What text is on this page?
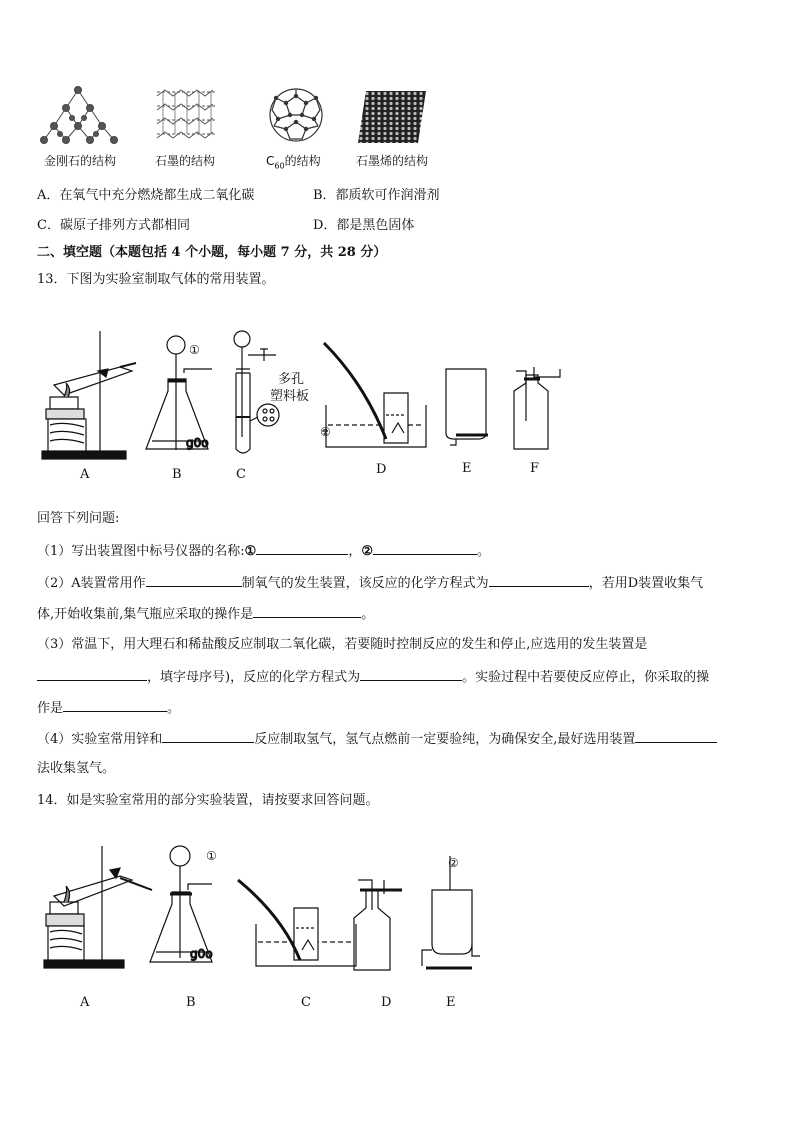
金刚石的结构	石墨的结构	$C_{60}$的结构	石墨烯的结构
A．在氧气中充分燃烧都生成二氧化碳	B．都质软可作润滑剂
C．碳原子排列方式都相同	D．都是黑色固体
二、填空题（本题包括 4 个小题，每小题 7 分，共 28 分）
13．下图为实验室制取气体的常用装置。
g0o
①
②
多孔
塑料板
A	B	C	D	E	F
回答下列问题:
（1）写出装置图中标号仪器的名称:①	，②	。
（2）A装置常用作	制氧气的发生装置，该反应的化学方程式为	，若用D装置收集气
体,开始收集前,集气瓶应采取的操作是	。
（3）常温下，用大理石和稀盐酸反应制取二氧化碳，若要随时控制反应的发生和停止,应选用的发生装置是
，填字母序号)，反应的化学方程式为	。实验过程中若要使反应停止，你采取的操
作是	。
（4）实验室常用锌和	反应制取氢气，氢气点燃前一定要验纯，为确保安全,最好选用装置
法收集氢气。
14．如是实验室常用的部分实验装置，请按要求回答问题。
g0o
①	②
A	B	C	D	E
